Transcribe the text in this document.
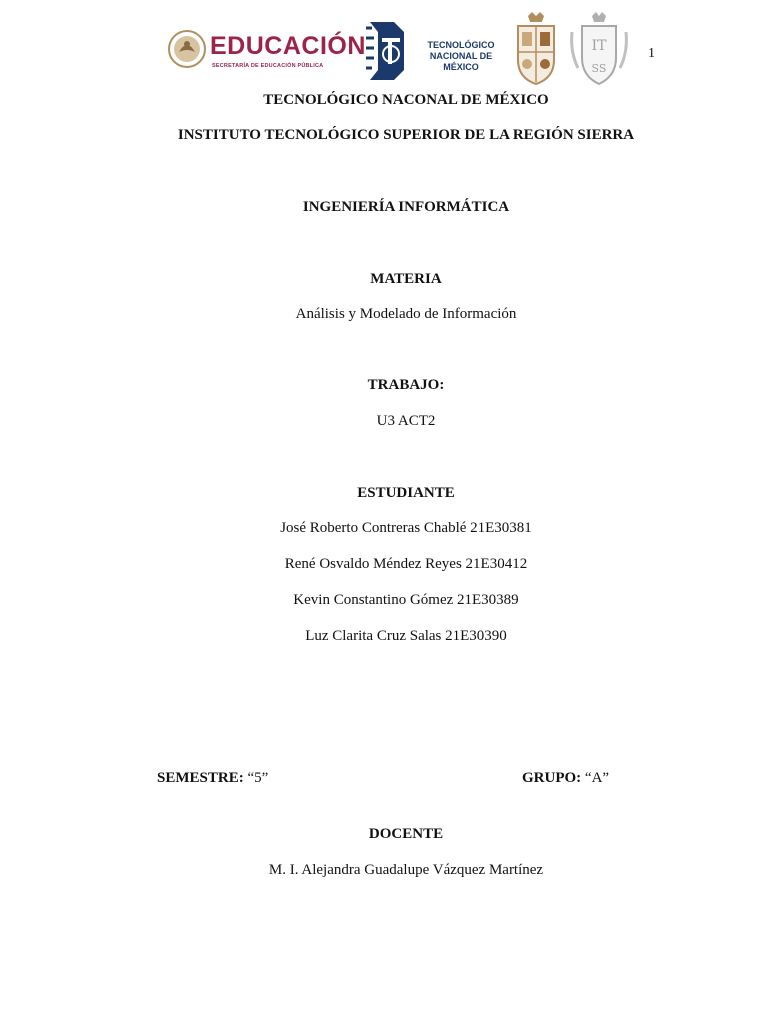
EDUCACIÓN
SECRETARÍA DE EDUCACIÓN PÚBLICA
TECNOLÓGICO
NACIONAL DE MÉXICO
IT
SS
1
TECNOLÓGICO NACONAL DE MÉXICO
INSTITUTO TECNOLÓGICO SUPERIOR DE LA REGIÓN SIERRA
INGENIERÍA INFORMÁTICA
MATERIA
Análisis y Modelado de Información
TRABAJO:
U3 ACT2
ESTUDIANTE
José Roberto Contreras Chablé 21E30381
René Osvaldo Méndez Reyes 21E30412
Kevin Constantino Gómez 21E30389
Luz Clarita Cruz Salas 21E30390
SEMESTRE: “5”	GRUPO: “A”
DOCENTE
M. I. Alejandra Guadalupe Vázquez Martínez
